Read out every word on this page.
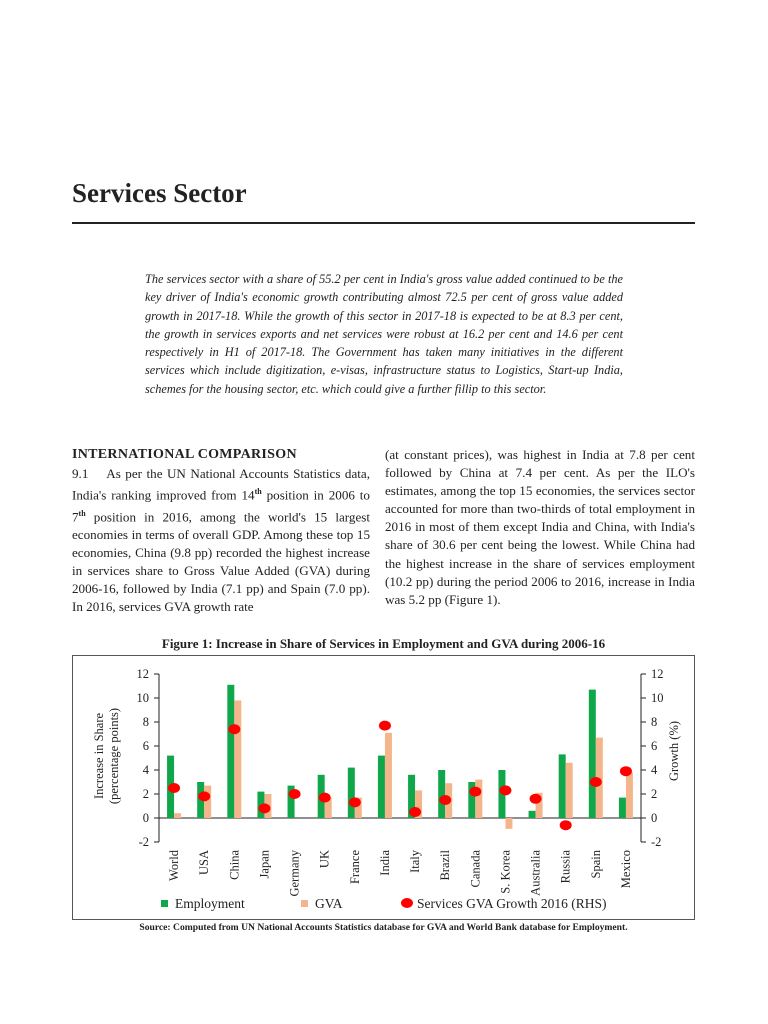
Services Sector
The services sector with a share of 55.2 per cent in India's gross value added continued to be the key driver of India's economic growth contributing almost 72.5 per cent of gross value added growth in 2017-18. While the growth of this sector in 2017-18 is expected to be at 8.3 per cent, the growth in services exports and net services were robust at 16.2 per cent and 14.6 per cent respectively in H1 of 2017-18. The Government has taken many initiatives in the different services which include digitization, e-visas, infrastructure status to Logistics, Start-up India, schemes for the housing sector, etc. which could give a further fillip to this sector.
INTERNATIONAL COMPARISON
9.1    As per the UN National Accounts Statistics data, India's ranking improved from 14th position in 2006 to 7th position in 2016, among the world's 15 largest economies in terms of overall GDP. Among these top 15 economies, China (9.8 pp) recorded the highest increase in services share to Gross Value Added (GVA) during 2006-16, followed by India (7.1 pp) and Spain (7.0 pp). In 2016, services GVA growth rate
(at constant prices), was highest in India at 7.8 per cent followed by China at 7.4 per cent. As per the ILO's estimates, among the top 15 economies, the services sector accounted for more than two-thirds of total employment in 2016 in most of them except India and China, with India's share of 30.6 per cent being the lowest. While China had the highest increase in the share of services employment (10.2 pp) during the period 2006 to 2016, increase in India was 5.2 pp (Figure 1).
Figure 1: Increase in Share of Services in Employment and GVA during 2006-16
-2	-2
0	0
2	2
4	4
6	6
8	8
10	10
12	12
Increase in Share(percentage points)	Growth (%)
World USA China Japan Germany UK France India Italy Brazil Canada S. Korea Australia Russia Spain Mexico
Employment	GVA	Services GVA Growth 2016 (RHS)
Source: Computed from UN National Accounts Statistics database for GVA and World Bank database for Employment.
